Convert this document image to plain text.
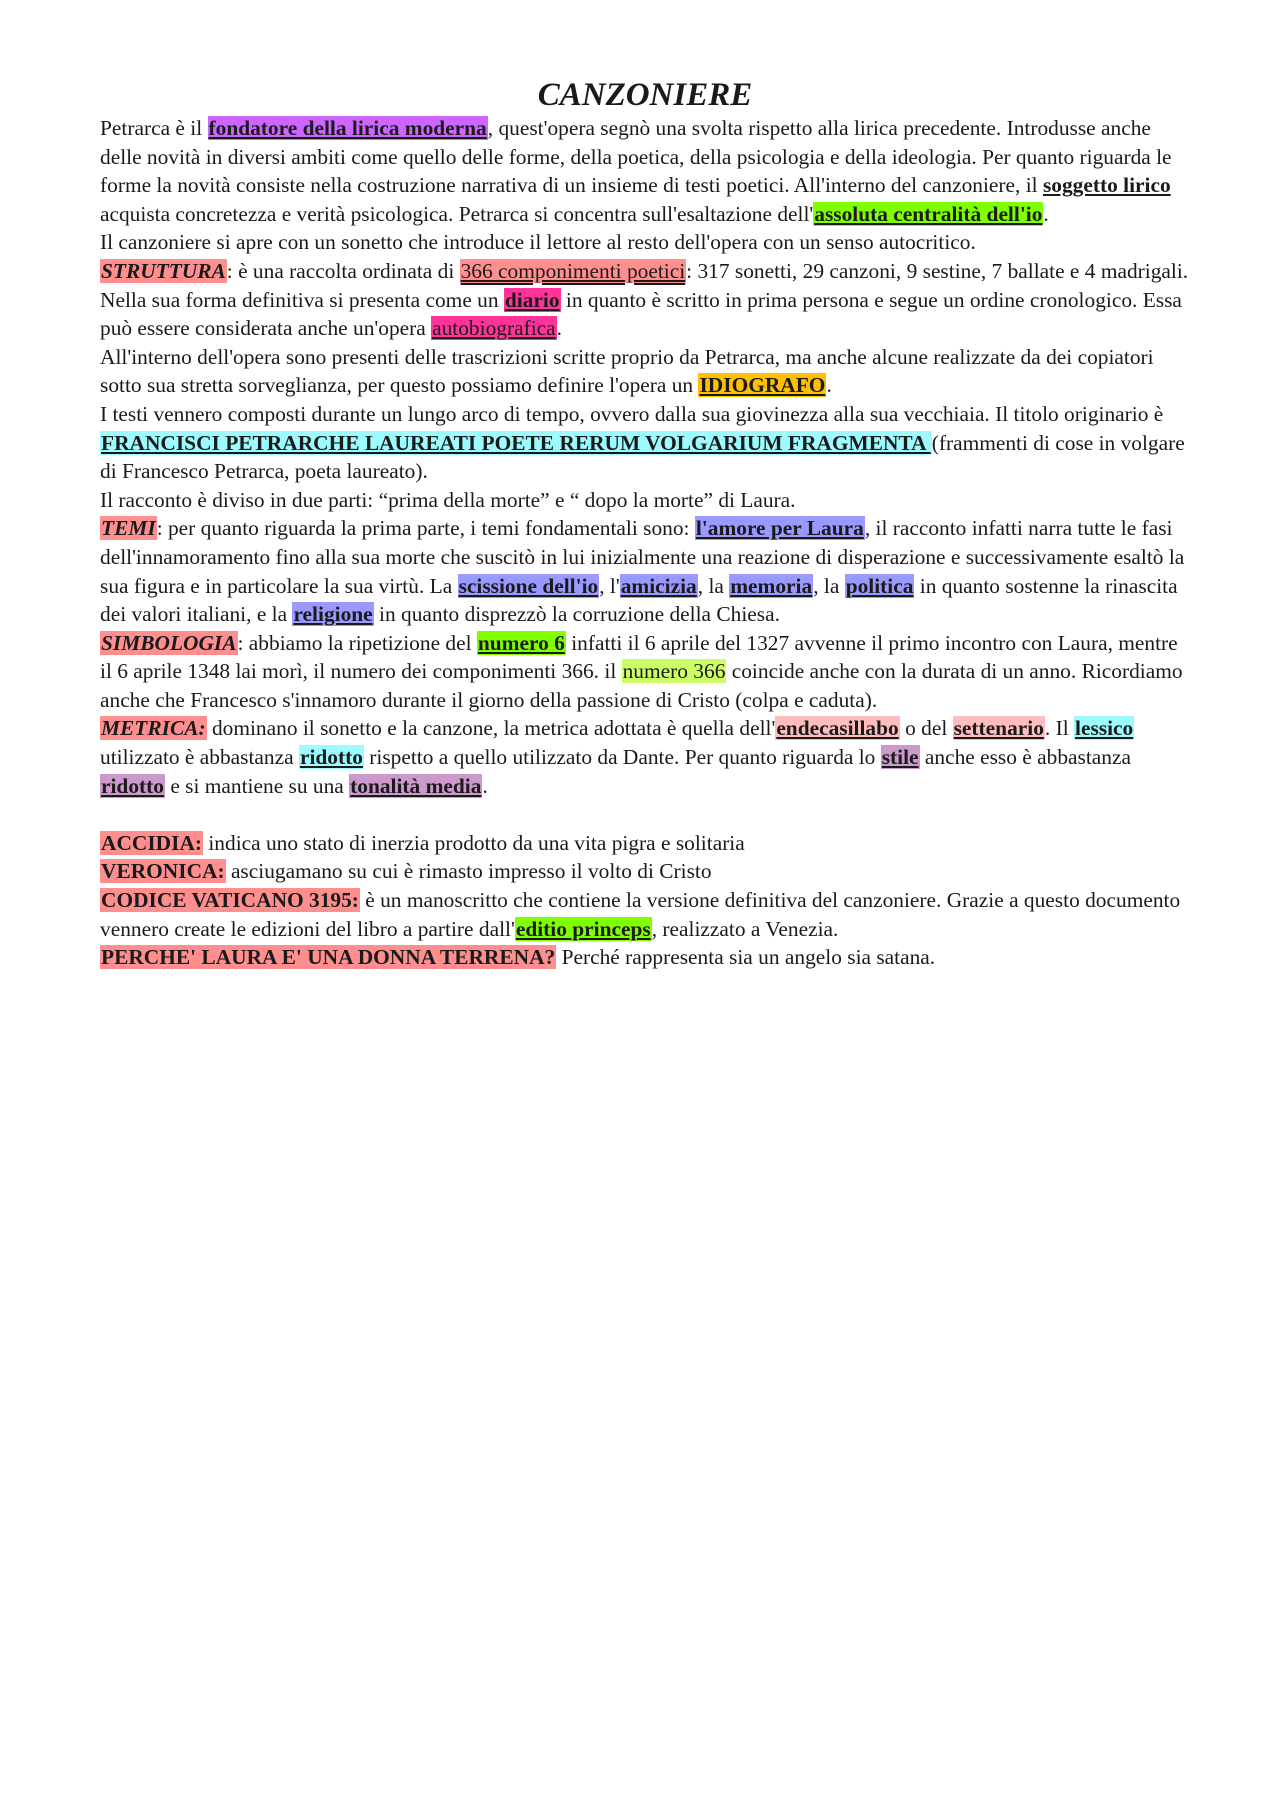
CANZONIERE

Petrarca è il fondatore della lirica moderna, quest'opera segnò una svolta rispetto alla lirica precedente. Introdusse anche delle novità in diversi ambiti come quello delle forme, della poetica, della psicologia e della ideologia. Per quanto riguarda le forme la novità consiste nella costruzione narrativa di un insieme di testi poetici. All'interno del canzoniere, il soggetto lirico acquista concretezza e verità psicologica. Petrarca si concentra sull'esaltazione dell'assoluta centralità dell'io.

Il canzoniere si apre con un sonetto che introduce il lettore al resto dell'opera con un senso autocritico.

STRUTTURA: è una raccolta ordinata di 366 componimenti poetici: 317 sonetti, 29 canzoni, 9 sestine, 7 ballate e 4 madrigali. Nella sua forma definitiva si presenta come un diario in quanto è scritto in prima persona e segue un ordine cronologico. Essa può essere considerata anche un'opera autobiografica.

All'interno dell'opera sono presenti delle trascrizioni scritte proprio da Petrarca, ma anche alcune realizzate da dei copiatori sotto sua stretta sorveglianza, per questo possiamo definire l'opera un IDIOGRAFO.

I testi vennero composti durante un lungo arco di tempo, ovvero dalla sua giovinezza alla sua vecchiaia. Il titolo originario è FRANCISCI PETRARCHE LAUREATI POETE RERUM VOLGARIUM FRAGMENTA (frammenti di cose in volgare di Francesco Petrarca, poeta laureato).

Il racconto è diviso in due parti: “prima della morte” e “ dopo la morte” di Laura.

TEMI: per quanto riguarda la prima parte, i temi fondamentali sono: l'amore per Laura, il racconto infatti narra tutte le fasi dell'innamoramento fino alla sua morte che suscitò in lui inizialmente una reazione di disperazione e successivamente esaltò la sua figura e in particolare la sua virtù. La scissione dell'io, l'amicizia, la memoria, la politica in quanto sostenne la rinascita dei valori italiani, e la religione in quanto disprezzò la corruzione della Chiesa.

SIMBOLOGIA: abbiamo la ripetizione del numero 6 infatti il 6 aprile del 1327 avvenne il primo incontro con Laura, mentre il 6 aprile 1348 lai morì, il numero dei componimenti 366. il numero 366 coincide anche con la durata di un anno. Ricordiamo anche che Francesco s'innamoro durante il giorno della passione di Cristo (colpa e caduta).

METRICA: dominano il sonetto e la canzone, la metrica adottata è quella dell'endecasillabo o del settenario. Il lessico utilizzato è abbastanza ridotto rispetto a quello utilizzato da Dante. Per quanto riguarda lo stile anche esso è abbastanza ridotto e si mantiene su una tonalità media.

ACCIDIA: indica uno stato di inerzia prodotto da una vita pigra e solitaria

VERONICA: asciugamano su cui è rimasto impresso il volto di Cristo

CODICE VATICANO 3195: è un manoscritto che contiene la versione definitiva del canzoniere. Grazie a questo documento vennero create le edizioni del libro a partire dall'editio princeps, realizzato a Venezia.

PERCHE' LAURA E' UNA DONNA TERRENA? Perché rappresenta sia un angelo sia satana.
